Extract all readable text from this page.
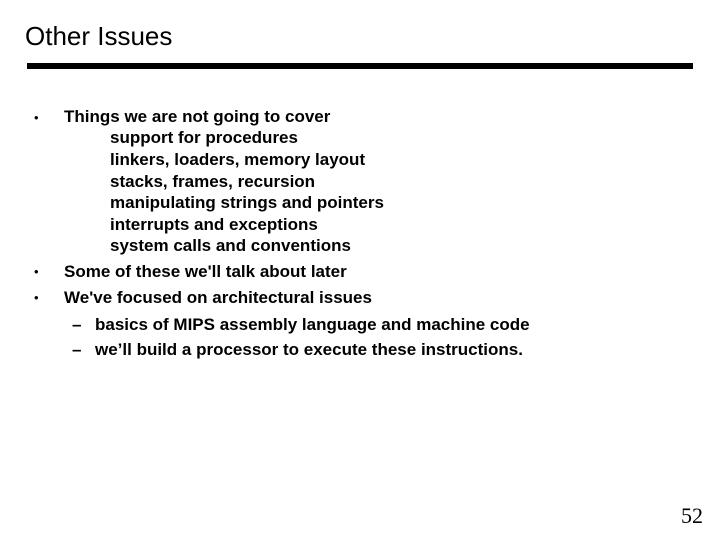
Other Issues
• Things we are not going to cover
support for procedures
linkers, loaders, memory layout
stacks, frames, recursion
manipulating strings and pointers
interrupts and exceptions
system calls and conventions
• Some of these we'll talk about later
• We've focused on architectural issues
– basics of MIPS assembly language and machine code
– we’ll build a processor to execute these instructions.
52
